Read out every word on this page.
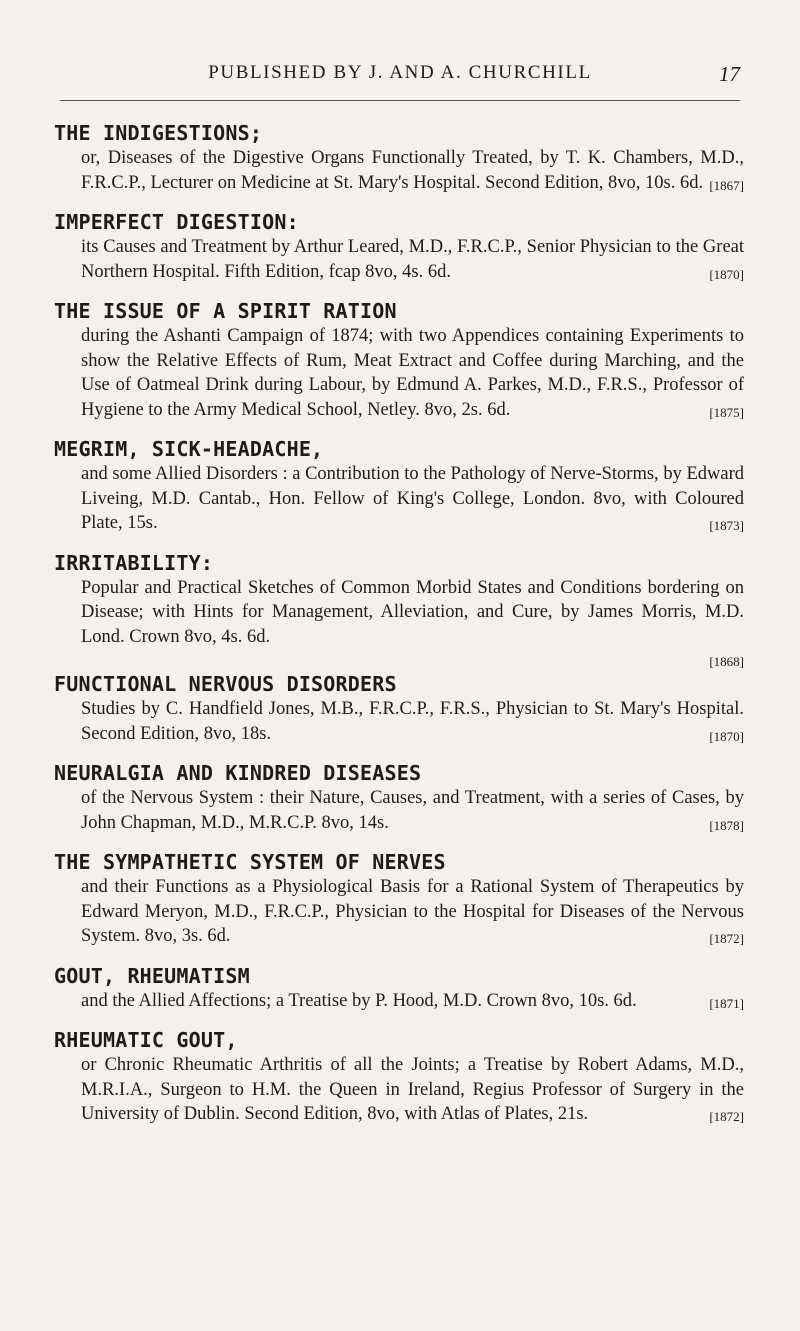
PUBLISHED BY J. AND A. CHURCHILL	17
THE INDIGESTIONS;
or, Diseases of the Digestive Organs Functionally Treated, by T. K. Chambers, M.D., F.R.C.P., Lecturer on Medicine at St. Mary's Hospital. Second Edition, 8vo, 10s. 6d. [1867]
IMPERFECT DIGESTION:
its Causes and Treatment by Arthur Leared, M.D., F.R.C.P., Senior Physician to the Great Northern Hospital. Fifth Edition, fcap 8vo, 4s. 6d.	[1870]
THE ISSUE OF A SPIRIT RATION
during the Ashanti Campaign of 1874; with two Appendices containing Experiments to show the Relative Effects of Rum, Meat Extract and Coffee during Marching, and the Use of Oatmeal Drink during Labour, by Edmund A. Parkes, M.D., F.R.S., Professor of Hygiene to the Army Medical School, Netley. 8vo, 2s. 6d.	[1875]
MEGRIM, SICK-HEADACHE,
and some Allied Disorders : a Contribution to the Pathology of Nerve-Storms, by Edward Liveing, M.D. Cantab., Hon. Fellow of King's College, London. 8vo, with Coloured Plate, 15s.	[1873]
IRRITABILITY:
Popular and Practical Sketches of Common Morbid States and Conditions bordering on Disease; with Hints for Management, Alleviation, and Cure, by James Morris, M.D. Lond. Crown 8vo, 4s. 6d.
[1868]
FUNCTIONAL NERVOUS DISORDERS
Studies by C. Handfield Jones, M.B., F.R.C.P., F.R.S., Physician to St. Mary's Hospital. Second Edition, 8vo, 18s.	[1870]
NEURALGIA AND KINDRED DISEASES
of the Nervous System : their Nature, Causes, and Treatment, with a series of Cases, by John Chapman, M.D., M.R.C.P. 8vo, 14s.	[1878]
THE SYMPATHETIC SYSTEM OF NERVES
and their Functions as a Physiological Basis for a Rational System of Therapeutics by Edward Meryon, M.D., F.R.C.P., Physician to the Hospital for Diseases of the Nervous System. 8vo, 3s. 6d.	[1872]
GOUT, RHEUMATISM
and the Allied Affections; a Treatise by P. Hood, M.D. Crown 8vo, 10s. 6d.	[1871]
RHEUMATIC GOUT,
or Chronic Rheumatic Arthritis of all the Joints; a Treatise by Robert Adams, M.D., M.R.I.A., Surgeon to H.M. the Queen in Ireland, Regius Professor of Surgery in the University of Dublin. Second Edition, 8vo, with Atlas of Plates, 21s.	[1872]
